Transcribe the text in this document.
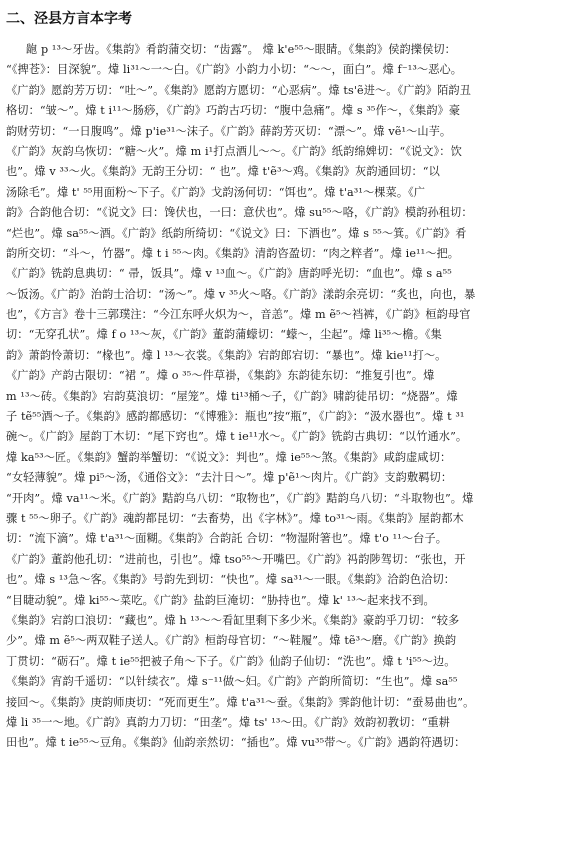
二、泾县方言本字考
龅 p ¹³～牙齿。《集韵》肴韵蒲交切：“齿露”。 㸆 k'e⁵⁵～眼睛。《集韵》侯韵擽侯切：
“《捭苍》：目深貌”。㸆 li³¹～一～白。《广韵》小韵力小切：“～～，面白”。㸆 f⁻¹³～恶心。
《广韵》愿韵芳万切：“吐～”。《集韵》愿韵方愿切：“心恶病”。㸆 ts'ẽ进～。《广韵》陌韵丑
格切：“皱～”。㸆 t i¹¹～肠痧，《广韵》巧韵古巧切：“腹中急痛”。㸆 s ³⁵作～，《集韵》豪
韵财劳切：“一日腹鸣”。㸆 p'ie³¹～沫子。《广韵》薛韵芳灭切：“漂～”。㸆 vẽ¹～山芋。
《广韵》灰韵乌恢切：“糖～火”。㸆 m i¹打点酒儿～～。《广韵》纸韵绵婢切：“《说文》：饮
也”。㸆 v ³³～火。《集韵》无韵王分切：“ 也”。㸆 t'ẽ³～鸡。《集韵》灰韵通回切：“以
汤除毛”。㸆 t' ⁵⁵用面粉～下子。《广韵》戈韵汤何切：“饵也”。㸆 t'a³¹～棵菜。《广
韵》合韵他合切：“《说文》曰：馋伏也，一曰：意伏也”。㸆 su⁵⁵～咯，《广韵》模韵孙租切：
“烂也”。㸆 sa⁵⁵～酒。《广韵》纸韵所绮切：“《说文》曰：下酒也”。㸆 s ⁵⁵～箕。《广韵》肴
韵所交切：“斗～，竹器”。㸆 t i ⁵⁵～肉。《集韵》清韵咨盈切：“肉之粹者”。㸆 ie¹¹～把。
《广韵》铣韵息典切：“ 帚，饭具”。㸆 v ¹³血～。《广韵》唐韵呼光切：“血也”。㸆 s a⁵⁵
～饭汤。《广韵》治韵士洽切：“汤～”。㸆 v ³⁵火～咯。《广韵》漾韵余亮切：“炙也，向也，暴
也”，《方言》卷十三郭璞注：“今江东呼火炽为～，音恙”。㸆 m ẽ⁵～裆裤，《广韵》桓韵母官
切：“无穿孔状”。㸆 f o ¹³～灰，《广韵》董韵蒲蠓切：“蠓～，尘起”。㸆 li³⁵～檐。《集
韵》萧韵怜萧切：“椽也”。㸆 l ¹³～衣裳。《集韵》宕韵郎宕切：“暴也”。㸆 kie¹¹打～。
《广韵》产韵古限切：“裙 ”。㸆 o ³⁵～件草褂，《集韵》东韵徒东切：“推复引也”。㸆
m ¹³～砖。《集韵》宕韵莫浪切：“屋笼”。㸆 ti¹³桶～子，《广韵》啸韵徒吊切：“烧器”。㸆
子 tẽ⁵⁵酒～子。《集韵》感韵都感切：“《博雅》：瓶也”按“瓶”，《广韵》：“汲水器也”。㸆 t ³¹
碗～。《广韵》屋韵丁木切：“尾下窍也”。㸆 t ie¹¹水～。《广韵》铣韵古典切：“以竹通水”。
㸆 ka⁵³～匠。《集韵》蟹韵举蟹切：“《说文》：判也”。㸆 ie⁵⁵～煞。《集韵》咸韵虚咸切：
“女轻薄貌”。㸆 pi⁵～汤，《通俗文》：“去汁日～”。㸆 p'ẽ¹～肉片。《广韵》支韵敷羁切：
“开肉”。㸆 va¹¹～米。《广韵》黠韵乌八切：“取物也”，《广韵》黠韵乌八切：“斗取物也”。㸆
骤 t ⁵⁵～卵子。《广韵》魂韵都昆切：“去畜势，出《字林》”。㸆 to³¹～雨。《集韵》屋韵都木
切：“流下滴”。㸆 t'a³¹～面糊。《集韵》合韵託 合切：“物湿附箸也”。㸆 t'o ¹¹～台子。
《广韵》董韵他孔切：“进前也，引也”。㸆 tso⁵⁵～开嘴巴。《广韵》祃韵陟驾切：“张也，开
也”。㸆 s ¹³急～客。《集韵》号韵先到切：“快也”。㸆 sa³¹～一眼。《集韵》洽韵色洽切：
“目睫动貌”。㸆 ki⁵⁵～菜吃。《广韵》盐韵巨淹切：“胁持也”。㸆 k' ¹³～起来找不到。
《集韵》宕韵口浪切：“藏也”。㸆 h ¹³～～看缸里剩下多少米。《集韵》豪韵乎刀切：“较多
少”。㸆 m ẽ⁵～两双鞋子送人。《广韵》桓韵母官切：“～鞋履”。㸆 tẽ³～磨。《广韵》换韵
丁贯切：“砺石”。㸆 t ie⁵⁵把被子角～下子。《广韵》仙韵子仙切：“洗也”。㸆 t 'i⁵⁵～边。
《集韵》宵韵千遥切：“以针续衣”。㸆 s⁻¹¹做～妇。《广韵》产韵所简切：“生也”。㸆 sa⁵⁵
接回～。《集韵》庚韵师庚切：“死而更生”。㸆 t'a³¹～蚕。《集韵》霁韵他计切：“蚕易曲也”。
㸆 li ³⁵一～地。《广韵》真韵力刀切：“田垄”。㸆 ts' ¹³～田。《广韵》效韵初教切：“重耕
田也”。㸆 t ie⁵⁵～豆角。《集韵》仙韵亲然切：“插也”。㸆 vu³⁵带～。《广韵》遇韵符遇切：
